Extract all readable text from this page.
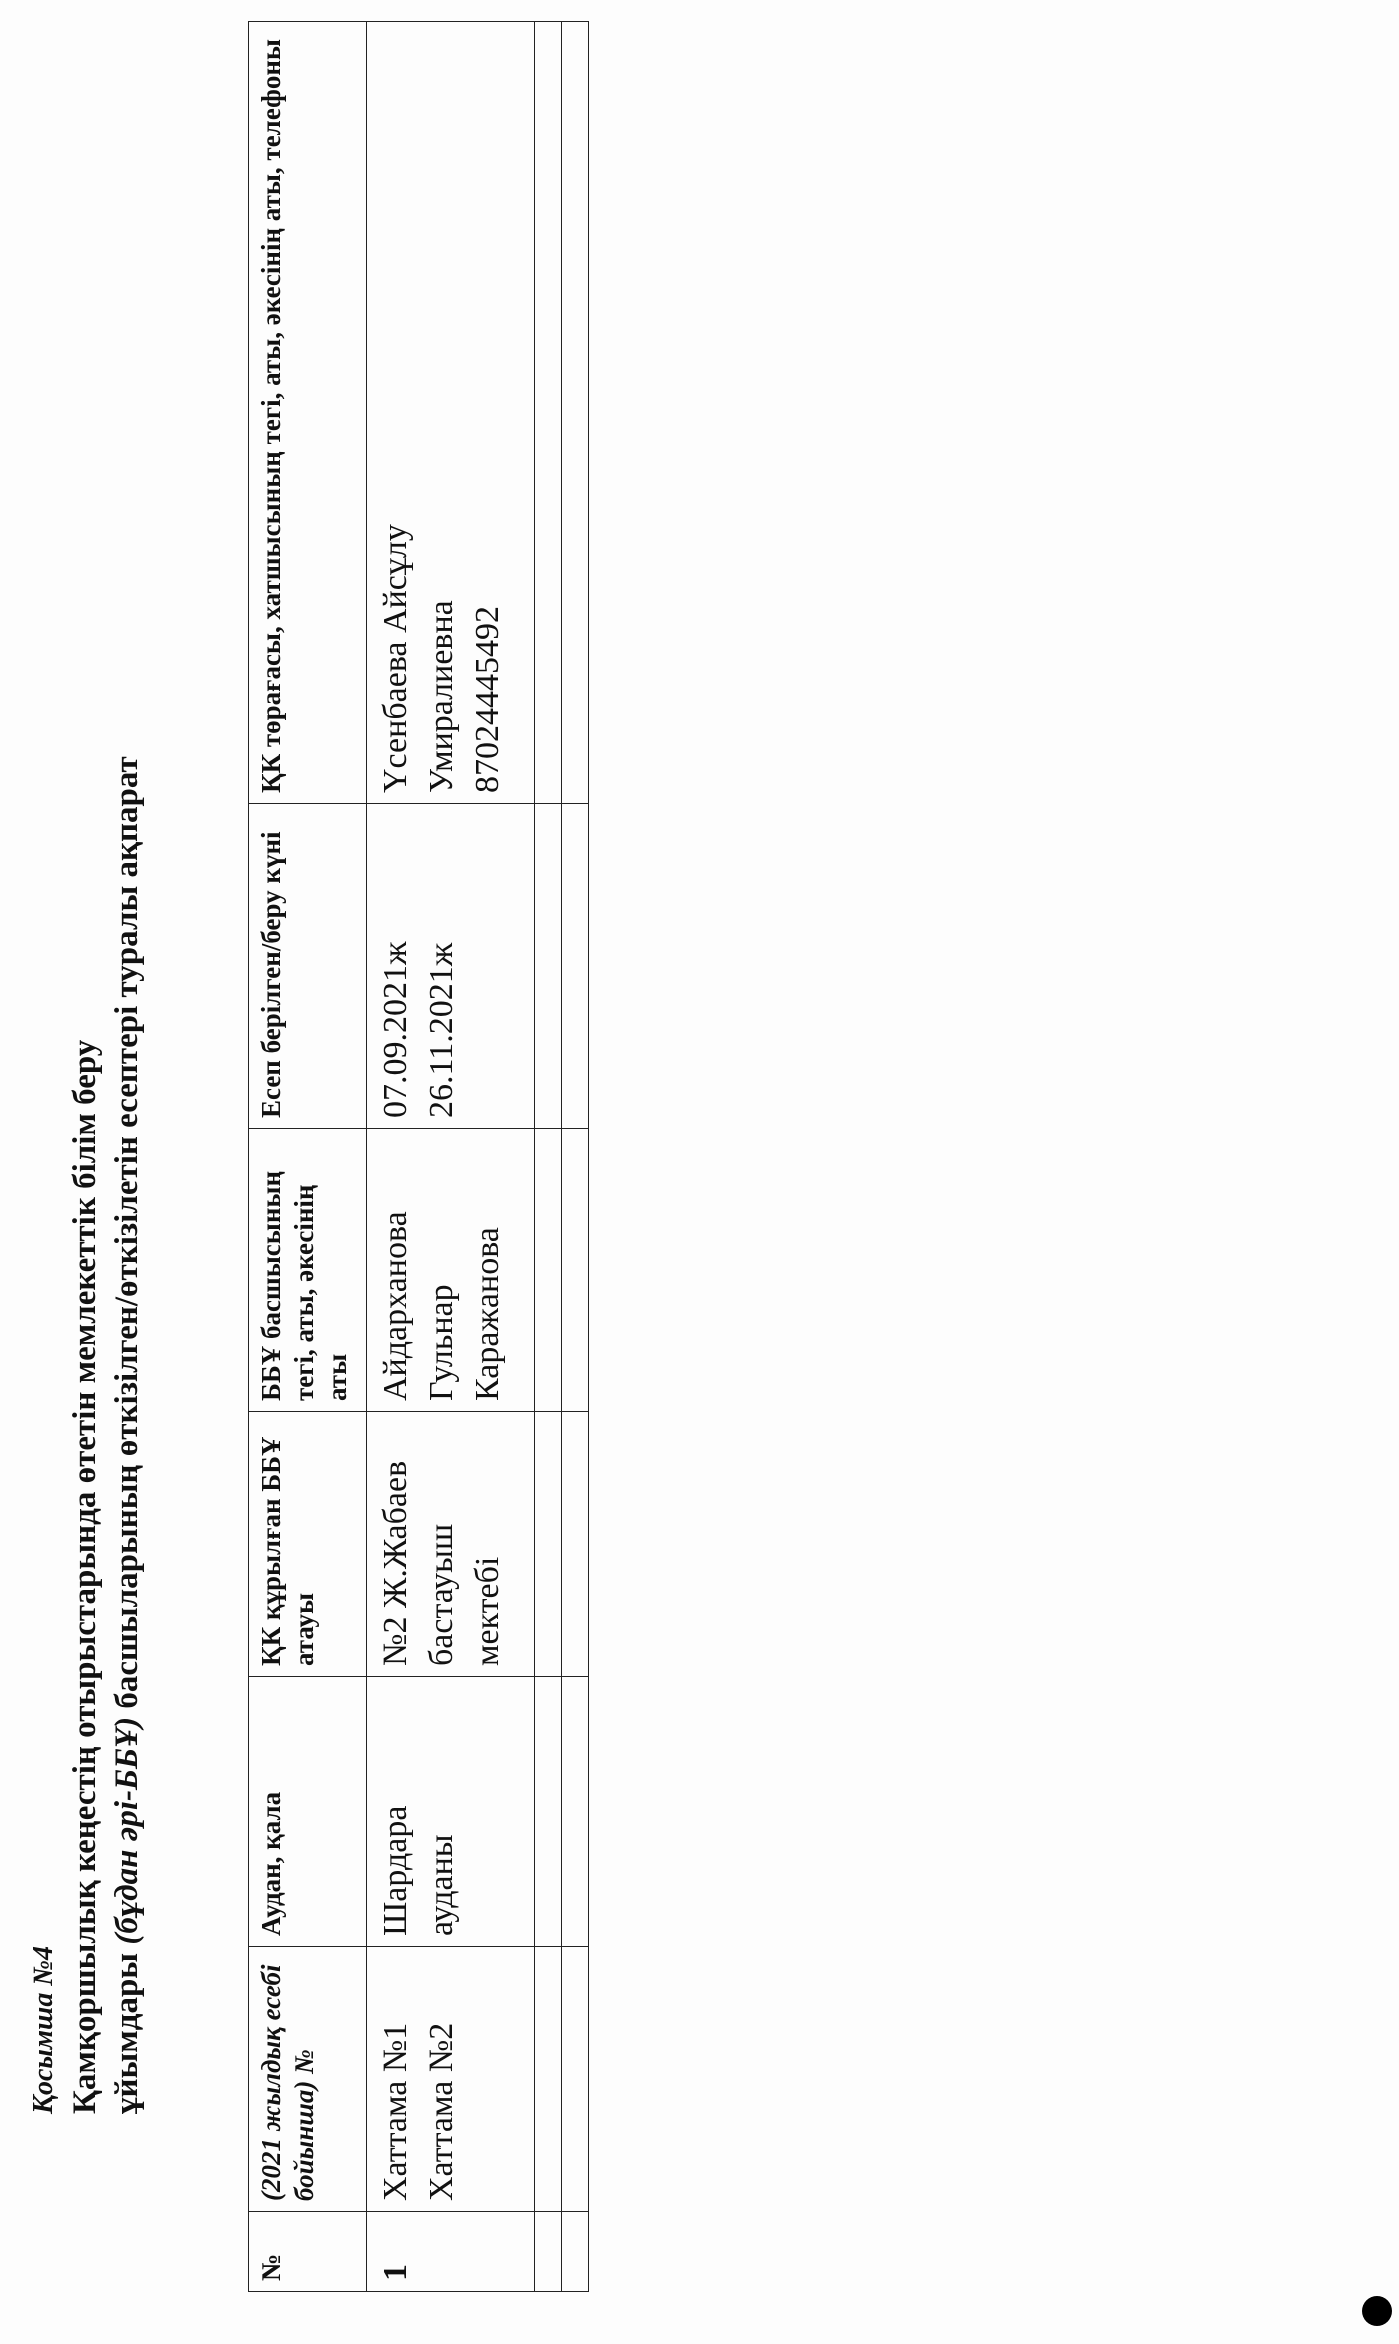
Қосымша №4 Қамқоршылық кеңестің отырыстарында өтетін мемлекеттік білім беру ұйымдары (бұдан әрі-ББҰ) басшыларының өткізілген/өткізілетін есептері туралы ақпарат

№	(2021 жылдық есебі бойынша) №	Аудан, қала	ҚК құрылған ББҰ атауы	ББҰ басшысының тегі, аты, әкесінің аты	Есеп берілген/беру күні	ҚК төрағасы, хатшысының тегі, аты, әкесінің аты, телефоны
1	Хаттама №1 Хаттама №2	Шардара ауданы	№2 Ж.Жабаев бастауыш мектебі	Айдарханова Гульнар Каражанова	07.09.2021ж 26.11.2021ж	Үсенбаева Айсұлу Умиралиевна 87024445492
